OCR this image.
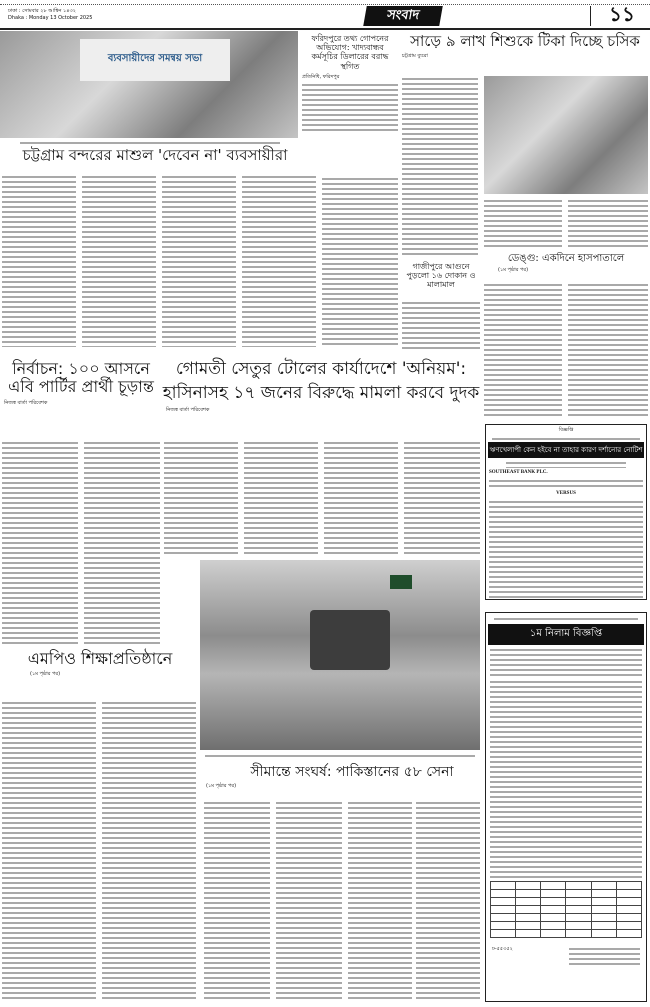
ঢাকা : সোমবার ২৮ আশ্বিন ১৪৩২
Dhaka : Monday 13 October 2025	সংবাদ	১১
ব্যবসায়ীদের সমন্বয় সভা
চট্টগ্রাম বন্দরের মাশুল 'দেবেন না' ব্যবসায়ীরা
ফরিদপুরে তথ্য গোপনের অভিযোগ: খাদ্যবান্ধব কর্মসূচির ডিলারের বরাদ্ধ স্থগিত
প্রতিনিধি, ফরিদপুর
সাড়ে ৯ লাখ শিশুকে টিকা দিচ্ছে চসিক
চট্টগ্রাম ব্যুরো
ডেঙ্গু: একদিনে হাসপাতালে
(১ম পৃষ্ঠার পর)
গাজীপুরে আগুনে পুড়লো ১৬ দোকান ও মালামাল
নির্বাচন: ১০০ আসনে এবি পার্টির প্রার্থী চূড়ান্ত
নিজস্ব বার্তা পরিবেশক
গোমতী সেতুর টোলের কার্যাদেশে 'অনিয়ম':
হাসিনাসহ ১৭ জনের বিরুদ্ধে মামলা করবে দুদক
নিজস্ব বার্তা পরিবেশক
এমপিও শিক্ষাপ্রতিষ্ঠানে
(১ম পৃষ্ঠার পর)
সীমান্তে সংঘর্ষ: পাকিস্তানের ৫৮ সেনা
(১ম পৃষ্ঠার পর)
বিজ্ঞপ্তি
ঋণখেলাপী কেন হইবে না তাহার কারণ দর্শানোর নোটিশ
SOUTHEAST BANK PLC.
VERSUS
১ম নিলাম বিজ্ঞপ্তি

ঢ-৫৫৩৫২
